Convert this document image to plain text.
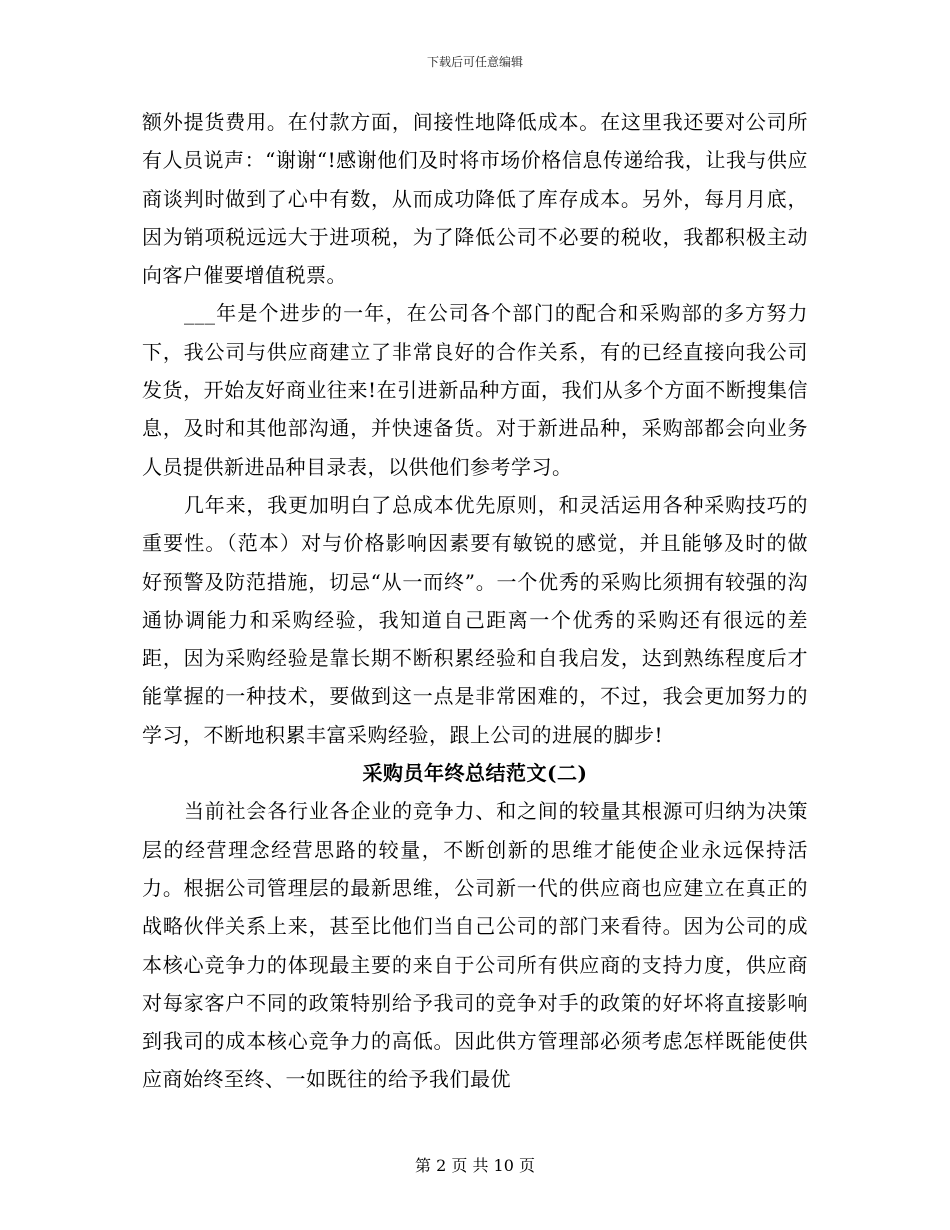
下载后可任意编辑

额外提货费用。在付款方面，间接性地降低成本。在这里我还要对公司所有人员说声：“谢谢“!感谢他们及时将市场价格信息传递给我，让我与供应商谈判时做到了心中有数，从而成功降低了库存成本。另外，每月月底，因为销项税远远大于进项税，为了降低公司不必要的税收，我都积极主动向客户催要增值税票。

___年是个进步的一年，在公司各个部门的配合和采购部的多方努力下，我公司与供应商建立了非常良好的合作关系，有的已经直接向我公司发货，开始友好商业往来!在引进新品种方面，我们从多个方面不断搜集信息，及时和其他部沟通，并快速备货。对于新进品种，采购部都会向业务人员提供新进品种目录表，以供他们参考学习。

几年来，我更加明白了总成本优先原则，和灵活运用各种采购技巧的重要性。（范本）对与价格影响因素要有敏锐的感觉，并且能够及时的做好预警及防范措施，切忌“从一而终”。一个优秀的采购比须拥有较强的沟通协调能力和采购经验，我知道自己距离一个优秀的采购还有很远的差距，因为采购经验是靠长期不断积累经验和自我启发，达到熟练程度后才能掌握的一种技术，要做到这一点是非常困难的，不过，我会更加努力的学习，不断地积累丰富采购经验，跟上公司的进展的脚步!

采购员年终总结范文(二)

当前社会各行业各企业的竞争力、和之间的较量其根源可归纳为决策层的经营理念经营思路的较量，不断创新的思维才能使企业永远保持活力。根据公司管理层的最新思维，公司新一代的供应商也应建立在真正的战略伙伴关系上来，甚至比他们当自己公司的部门来看待。因为公司的成本核心竞争力的体现最主要的来自于公司所有供应商的支持力度，供应商对每家客户不同的政策特别给予我司的竞争对手的政策的好坏将直接影响到我司的成本核心竞争力的高低。因此供方管理部必须考虑怎样既能使供应商始终至终、一如既往的给予我们最优

第 2 页 共 10 页
